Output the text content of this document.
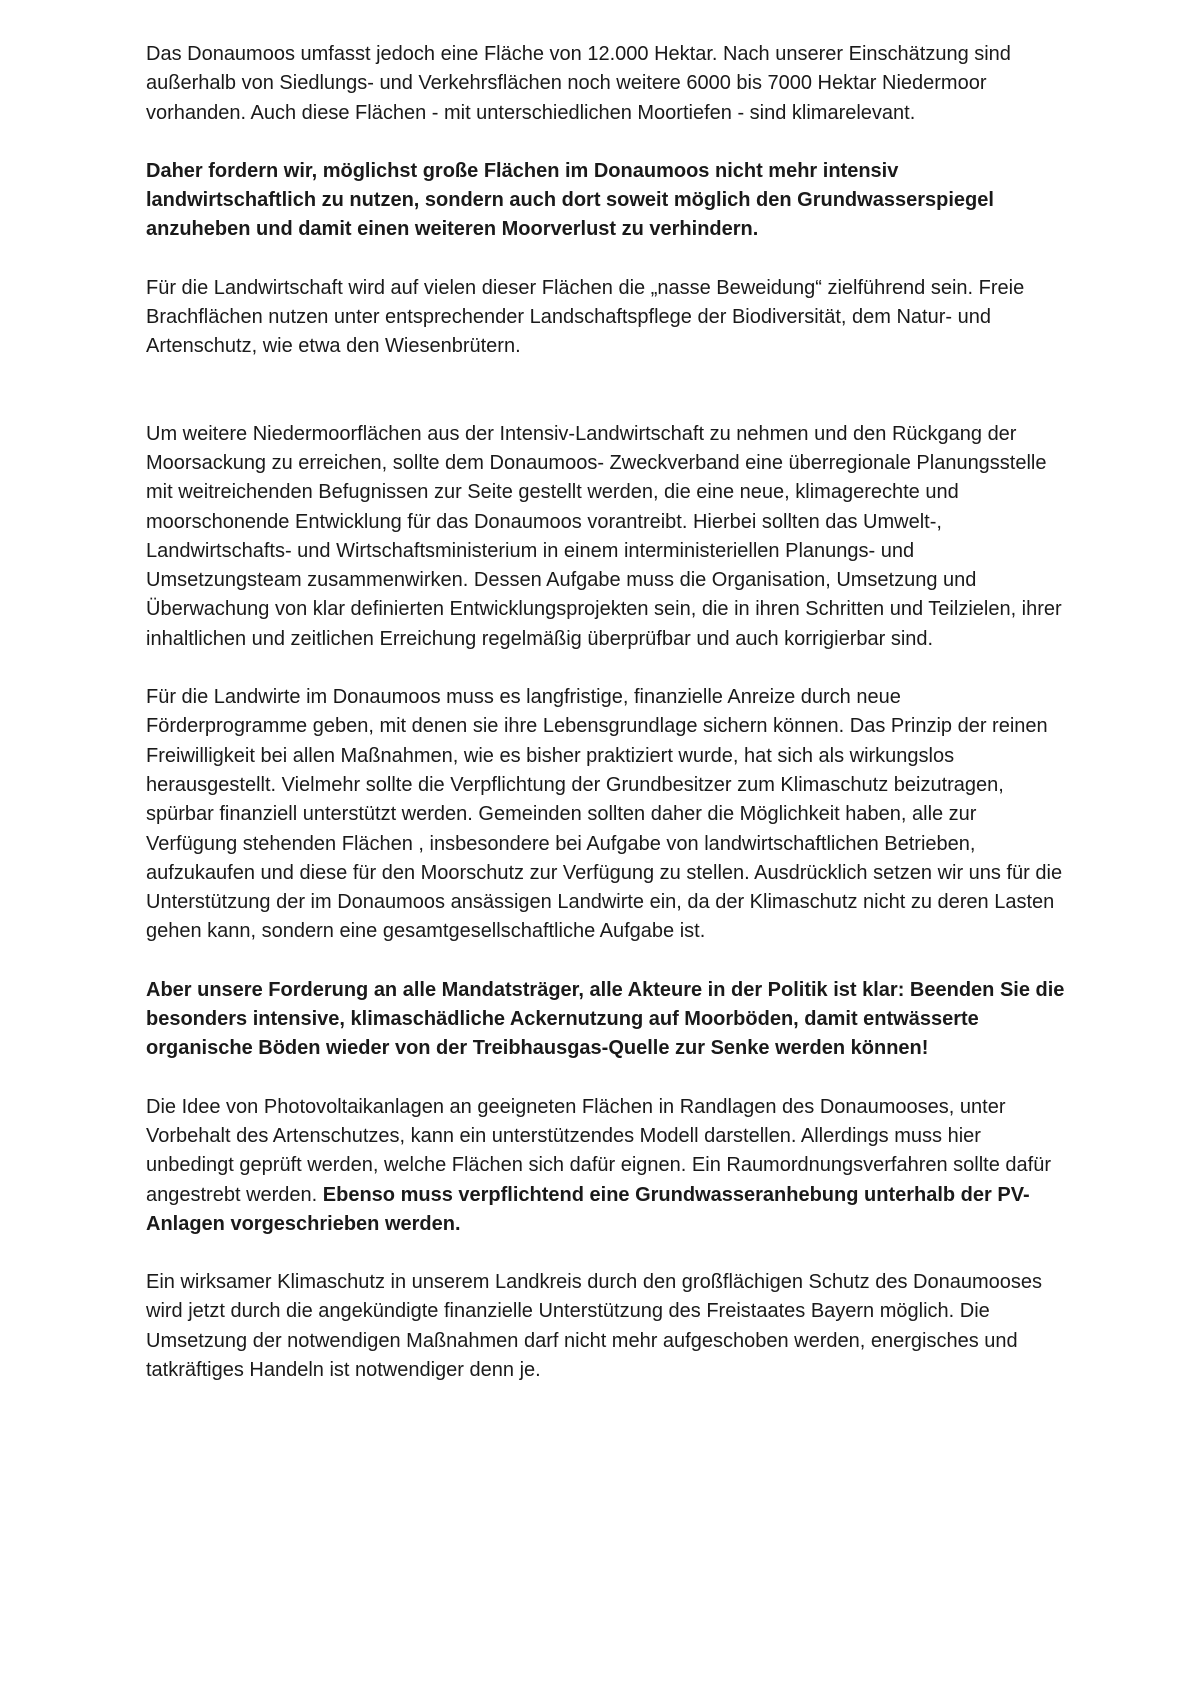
Das Donaumoos umfasst jedoch eine Fläche von 12.000 Hektar. Nach unserer Einschätzung sind außerhalb von Siedlungs- und Verkehrsflächen noch weitere 6000 bis 7000 Hektar Niedermoor vorhanden. Auch diese Flächen - mit unterschiedlichen Moortiefen - sind klimarelevant.

Daher fordern wir, möglichst große Flächen im Donaumoos nicht mehr intensiv landwirtschaftlich zu nutzen, sondern auch dort soweit möglich den Grundwasserspiegel anzuheben und damit einen weiteren Moorverlust zu verhindern.

Für die Landwirtschaft wird auf vielen dieser Flächen die „nasse Beweidung“ zielführend sein. Freie Brachflächen nutzen unter entsprechender Landschaftspflege der Biodiversität, dem Natur- und Artenschutz, wie etwa den Wiesenbrütern.

Um weitere Niedermoorflächen aus der Intensiv-Landwirtschaft zu nehmen und den Rückgang der Moorsackung zu erreichen, sollte dem Donaumoos- Zweckverband eine überregionale Planungsstelle mit weitreichenden Befugnissen zur Seite gestellt werden, die eine neue, klimagerechte und moorschonende Entwicklung für das Donaumoos vorantreibt. Hierbei sollten das Umwelt-, Landwirtschafts- und Wirtschaftsministerium in einem interministeriellen Planungs- und Umsetzungsteam zusammenwirken. Dessen Aufgabe muss die Organisation, Umsetzung und Überwachung von klar definierten Entwicklungsprojekten sein, die in ihren Schritten und Teilzielen, ihrer inhaltlichen und zeitlichen Erreichung regelmäßig überprüfbar und auch korrigierbar sind.

Für die Landwirte im Donaumoos muss es langfristige, finanzielle Anreize durch neue Förderprogramme geben, mit denen sie ihre Lebensgrundlage sichern können. Das Prinzip der reinen Freiwilligkeit bei allen Maßnahmen, wie es bisher praktiziert wurde, hat sich als wirkungslos herausgestellt. Vielmehr sollte die Verpflichtung der Grundbesitzer zum Klimaschutz beizutragen, spürbar finanziell unterstützt werden. Gemeinden sollten daher die Möglichkeit haben, alle zur Verfügung stehenden Flächen , insbesondere bei Aufgabe von landwirtschaftlichen Betrieben, aufzukaufen und diese für den Moorschutz zur Verfügung zu stellen. Ausdrücklich setzen wir uns für die Unterstützung der im Donaumoos ansässigen Landwirte ein, da der Klimaschutz nicht zu deren Lasten gehen kann, sondern eine gesamtgesellschaftliche Aufgabe ist.

Aber unsere Forderung an alle Mandatsträger, alle Akteure in der Politik ist klar: Beenden Sie die besonders intensive, klimaschädliche Ackernutzung auf Moorböden, damit entwässerte organische Böden wieder von der Treibhausgas-Quelle zur Senke werden können!

Die Idee von Photovoltaikanlagen an geeigneten Flächen in Randlagen des Donaumooses, unter Vorbehalt des Artenschutzes, kann ein unterstützendes Modell darstellen. Allerdings muss hier unbedingt geprüft werden, welche Flächen sich dafür eignen. Ein Raumordnungsverfahren sollte dafür angestrebt werden. Ebenso muss verpflichtend eine Grundwasseranhebung unterhalb der PV-Anlagen vorgeschrieben werden.

Ein wirksamer Klimaschutz in unserem Landkreis durch den großflächigen Schutz des Donaumooses wird jetzt durch die angekündigte finanzielle Unterstützung des Freistaates Bayern möglich. Die Umsetzung der notwendigen Maßnahmen darf nicht mehr aufgeschoben werden, energisches und tatkräftiges Handeln ist notwendiger denn je.
